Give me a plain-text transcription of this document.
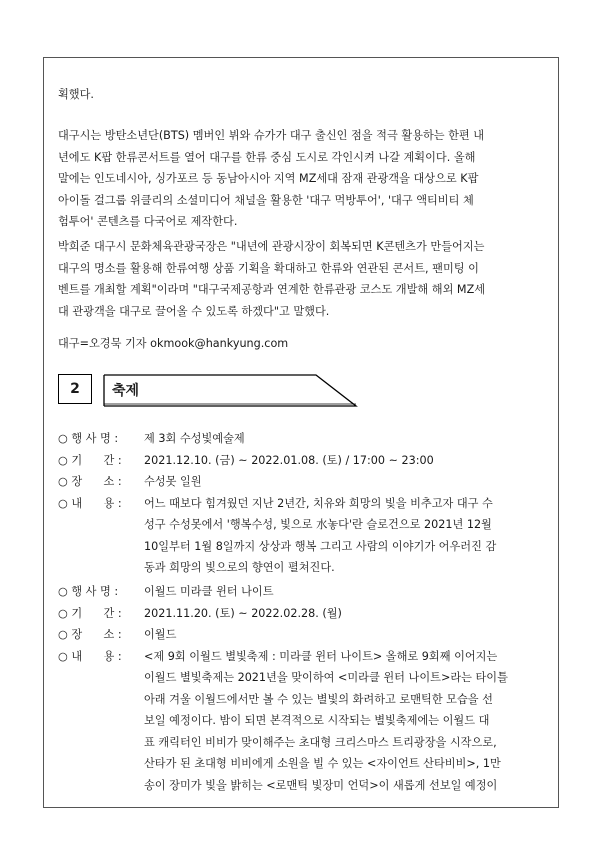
획했다.
대구시는 방탄소년단(BTS) 멤버인 뷔와 슈가가 대구 출신인 점을 적극 활용하는 한편 내
년에도 K팝 한류콘서트를 열어 대구를 한류 중심 도시로 각인시켜 나갈 계획이다. 올해
말에는 인도네시아, 싱가포르 등 동남아시아 지역 MZ세대 잠재 관광객을 대상으로 K팝
아이돌 걸그룹 위클리의 소셜미디어 채널을 활용한 '대구 먹방투어', '대구 액티비티 체
험투어' 콘텐츠를 다국어로 제작한다.
박희준 대구시 문화체육관광국장은 "내년에 관광시장이 회복되면 K콘텐츠가 만들어지는
대구의 명소를 활용해 한류여행 상품 기획을 확대하고 한류와 연관된 콘서트, 팬미팅 이
벤트를 개최할 계획"이라며 "대구국제공항과 연계한 한류관광 코스도 개발해 해외 MZ세
대 관광객을 대구로 끌어올 수 있도록 하겠다"고 말했다.
대구=오경묵 기자 okmook@hankyung.com
2	축제
○ 행 사 명 :	제 3회 수성빛예술제
○ 기      간 :	2021.12.10. (금) ~ 2022.01.08. (토) / 17:00 ~ 23:00
○ 장      소 :	수성못 일원
○ 내      용 :	어느 때보다 힘겨웠던 지난 2년간, 치유와 희망의 빛을 비추고자 대구 수
성구 수성못에서 '행복수성, 빛으로 水놓다'란 슬로건으로 2021년 12월
10일부터 1월 8일까지 상상과 행복 그리고 사람의 이야기가 어우러진 감
동과 희망의 빛으로의 향연이 펼쳐진다.
○ 행 사 명 :	이월드 미라클 윈터 나이트
○ 기      간 :	2021.11.20. (토) ~ 2022.02.28. (월)
○ 장      소 :	이월드
○ 내      용 :	<제 9회 이월드 별빛축제 : 미라클 윈터 나이트> 올해로 9회째 이어지는
이월드 별빛축제는 2021년을 맞이하여 <미라클 윈터 나이트>라는 타이틀
아래 겨울 이월드에서만 볼 수 있는 별빛의 화려하고 로맨틱한 모습을 선
보일 예정이다. 밤이 되면 본격적으로 시작되는 별빛축제에는 이월드 대
표 캐릭터인 비비가 맞이해주는 초대형 크리스마스 트리광장을 시작으로,
산타가 된 초대형 비비에게 소원을 빌 수 있는 <자이언트 산타비비>, 1만
송이 장미가 빛을 밝히는 <로맨틱 빛장미 언덕>이 새롭게 선보일 예정이
